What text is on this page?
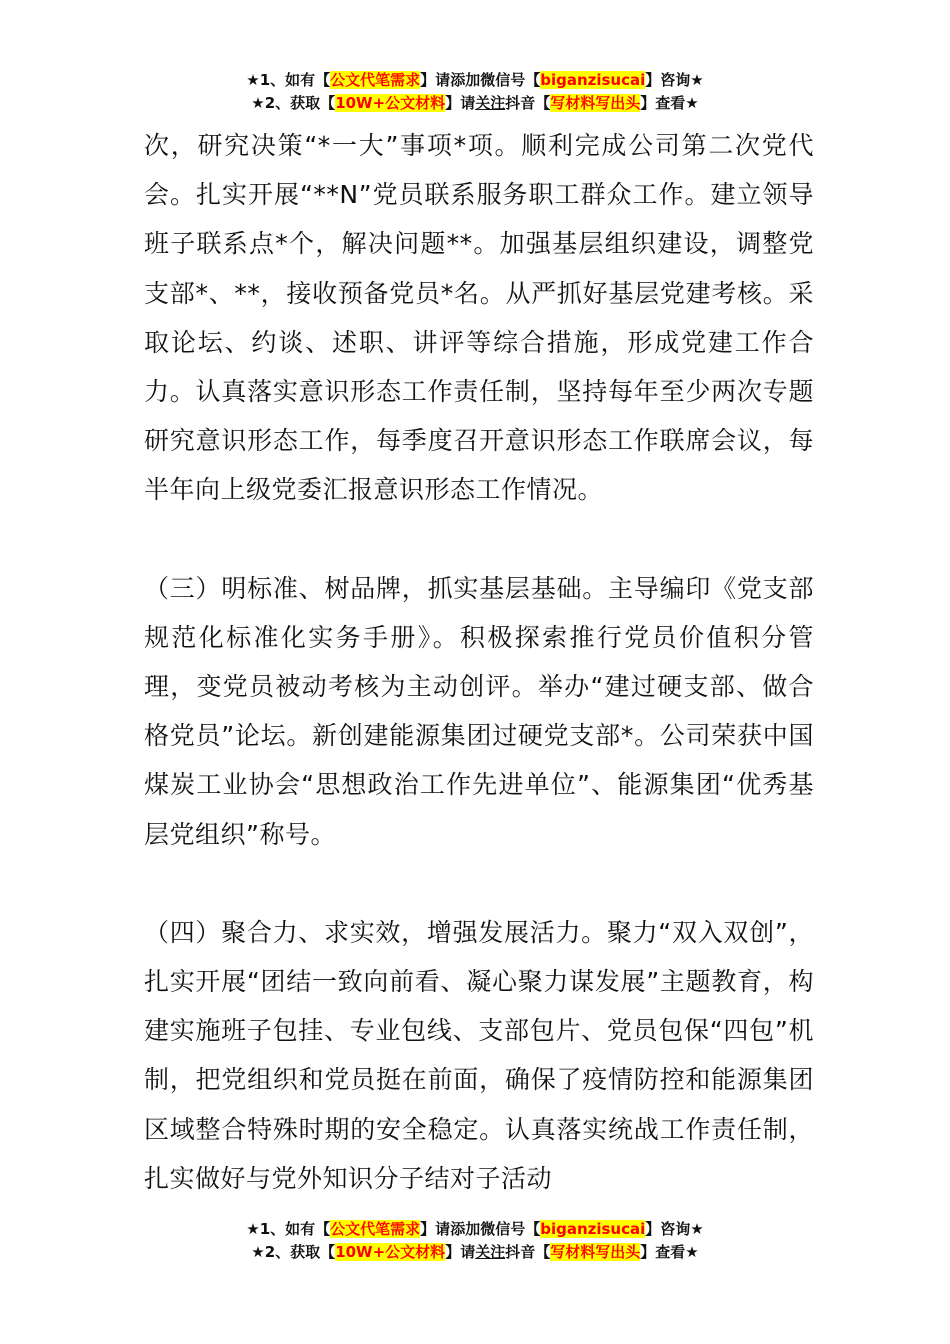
★1、如有【公文代笔需求】请添加微信号【biganzisucai】咨询★
★2、获取【10W+公文材料】请关注抖音【写材料写出头】查看★

次，研究决策“*一大”事项*项。顺利完成公司第二次党代会。扎实开展“**N”党员联系服务职工群众工作。建立领导班子联系点*个，解决问题**。加强基层组织建设，调整党支部*、**，接收预备党员*名。从严抓好基层党建考核。采取论坛、约谈、述职、讲评等综合措施，形成党建工作合力。认真落实意识形态工作责任制，坚持每年至少两次专题研究意识形态工作，每季度召开意识形态工作联席会议，每半年向上级党委汇报意识形态工作情况。

（三）明标准、树品牌，抓实基层基础。主导编印《党支部规范化标准化实务手册》。积极探索推行党员价值积分管理，变党员被动考核为主动创评。举办“建过硬支部、做合格党员”论坛。新创建能源集团过硬党支部*。公司荣获中国煤炭工业协会“思想政治工作先进单位”、能源集团“优秀基层党组织”称号。

（四）聚合力、求实效，增强发展活力。聚力“双入双创”，扎实开展“团结一致向前看、凝心聚力谋发展”主题教育，构建实施班子包挂、专业包线、支部包片、党员包保“四包”机制，把党组织和党员挺在前面，确保了疫情防控和能源集团区域整合特殊时期的安全稳定。认真落实统战工作责任制，扎实做好与党外知识分子结对子活动

★1、如有【公文代笔需求】请添加微信号【biganzisucai】咨询★
★2、获取【10W+公文材料】请关注抖音【写材料写出头】查看★
